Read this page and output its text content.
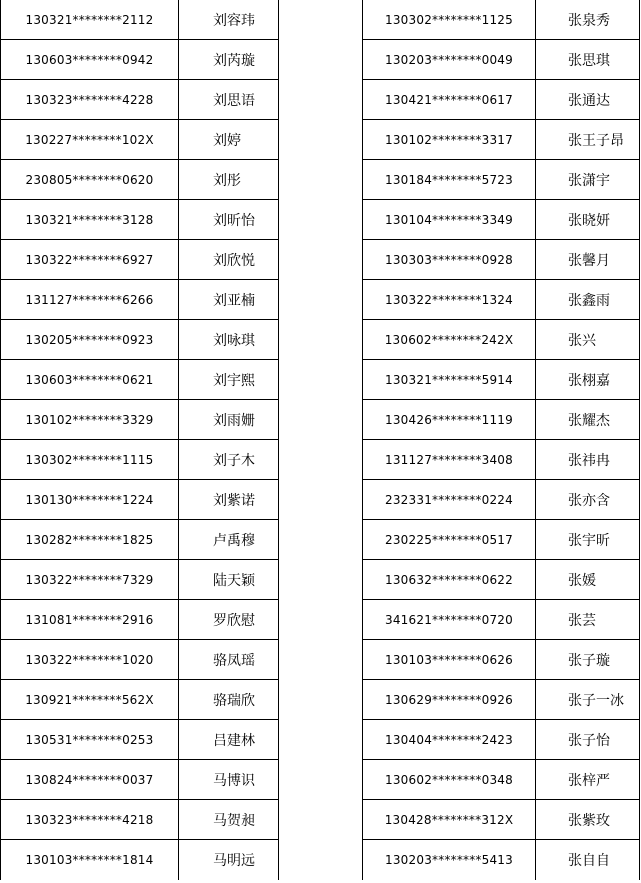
130321********2112	刘容玮
130603********0942	刘芮璇
130323********4228	刘思语
130227********102X	刘婷
230805********0620	刘彤
130321********3128	刘昕怡
130322********6927	刘欣悦
131127********6266	刘亚楠
130205********0923	刘咏琪
130603********0621	刘宇熙
130102********3329	刘雨姗
130302********1115	刘子木
130130********1224	刘紫诺
130282********1825	卢禹穆
130322********7329	陆天颖
131081********2916	罗欣慰
130322********1020	骆凤瑶
130921********562X	骆瑞欣
130531********0253	吕建林
130824********0037	马博识
130323********4218	马贺昶
130103********1814	马明远
130302********1125	张泉秀
130203********0049	张思琪
130421********0617	张通达
130102********3317	张王子昂
130184********5723	张潇宇
130104********3349	张晓妍
130303********0928	张馨月
130322********1324	张鑫雨
130602********242X	张兴
130321********5914	张栩嘉
130426********1119	张耀杰
131127********3408	张祎冉
232331********0224	张亦含
230225********0517	张宇昕
130632********0622	张媛
341621********0720	张芸
130103********0626	张子璇
130629********0926	张子一冰
130404********2423	张子怡
130602********0348	张梓严
130428********312X	张紫玫
130203********5413	张自自
